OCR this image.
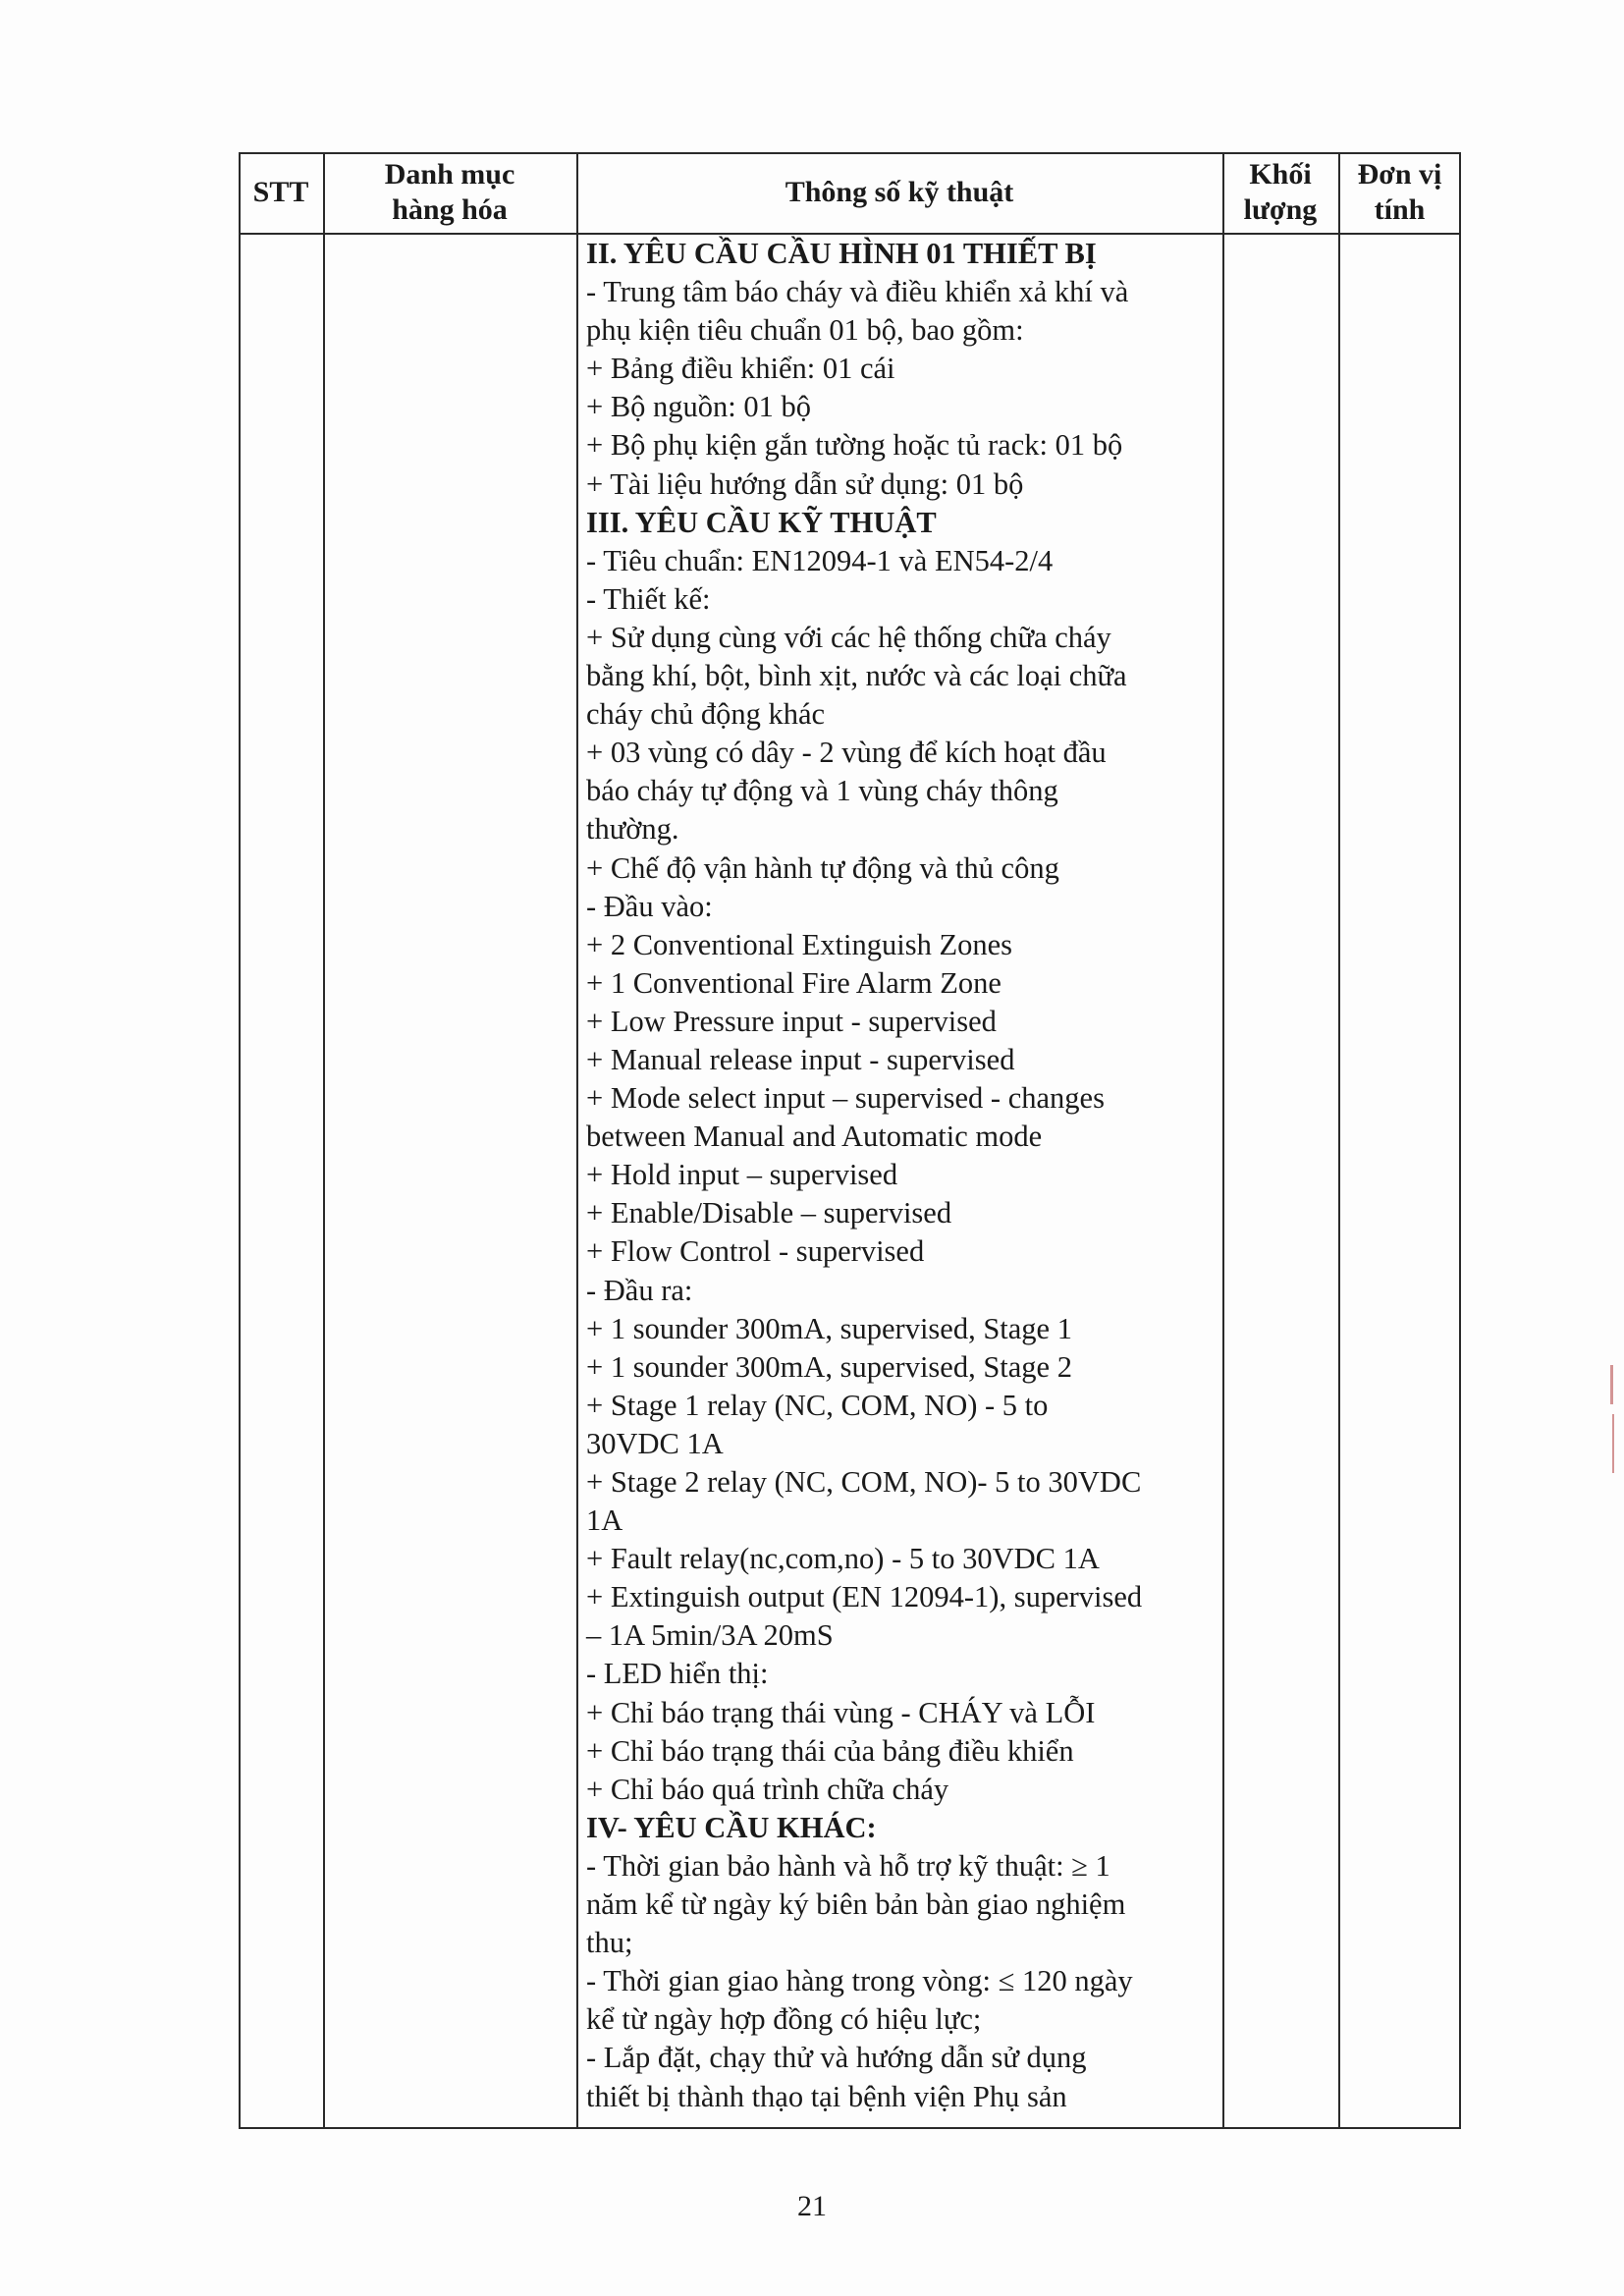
STT
Danh mục
hàng hóa
Thông số kỹ thuật
Khối
lượng
Đơn vị
tính
II. YÊU CẦU CẦU HÌNH 01 THIẾT BỊ
- Trung tâm báo cháy và điều khiển xả khí và
phụ kiện tiêu chuẩn 01 bộ, bao gồm:
+ Bảng điều khiển: 01 cái
+ Bộ nguồn: 01 bộ
+ Bộ phụ kiện gắn tường hoặc tủ rack: 01 bộ
+ Tài liệu hướng dẫn sử dụng: 01 bộ
III. YÊU CẦU KỸ THUẬT
- Tiêu chuẩn: EN12094-1 và EN54-2/4
- Thiết kế:
+ Sử dụng cùng với các hệ thống chữa cháy
bằng khí, bột, bình xịt, nước và các loại chữa
cháy chủ động khác
+ 03 vùng có dây - 2 vùng để kích hoạt đầu
báo cháy tự động và 1 vùng cháy thông
thường.
+ Chế độ vận hành tự động và thủ công
- Đầu vào:
+ 2 Conventional Extinguish Zones
+ 1 Conventional Fire Alarm Zone
+ Low Pressure input - supervised
+ Manual release input - supervised
+ Mode select input – supervised - changes
between Manual and Automatic mode
+ Hold input – supervised
+ Enable/Disable – supervised
+ Flow Control - supervised
- Đầu ra:
+ 1 sounder 300mA, supervised, Stage 1
+ 1 sounder 300mA, supervised, Stage 2
+ Stage 1 relay (NC, COM, NO) - 5 to
30VDC 1A
+ Stage 2 relay (NC, COM, NO)- 5 to 30VDC
1A
+ Fault relay(nc,com,no) - 5 to 30VDC 1A
+ Extinguish output (EN 12094-1), supervised
– 1A 5min/3A 20mS
- LED hiển thị:
+ Chỉ báo trạng thái vùng - CHÁY và LỖI
+ Chỉ báo trạng thái của bảng điều khiển
+ Chỉ báo quá trình chữa cháy
IV- YÊU CẦU KHÁC:
- Thời gian bảo hành và hỗ trợ kỹ thuật: ≥ 1
năm kể từ ngày ký biên bản bàn giao nghiệm
thu;
- Thời gian giao hàng trong vòng: ≤ 120 ngày
kể từ ngày hợp đồng có hiệu lực;
- Lắp đặt, chạy thử và hướng dẫn sử dụng
thiết bị thành thạo tại bệnh viện Phụ sản
21
